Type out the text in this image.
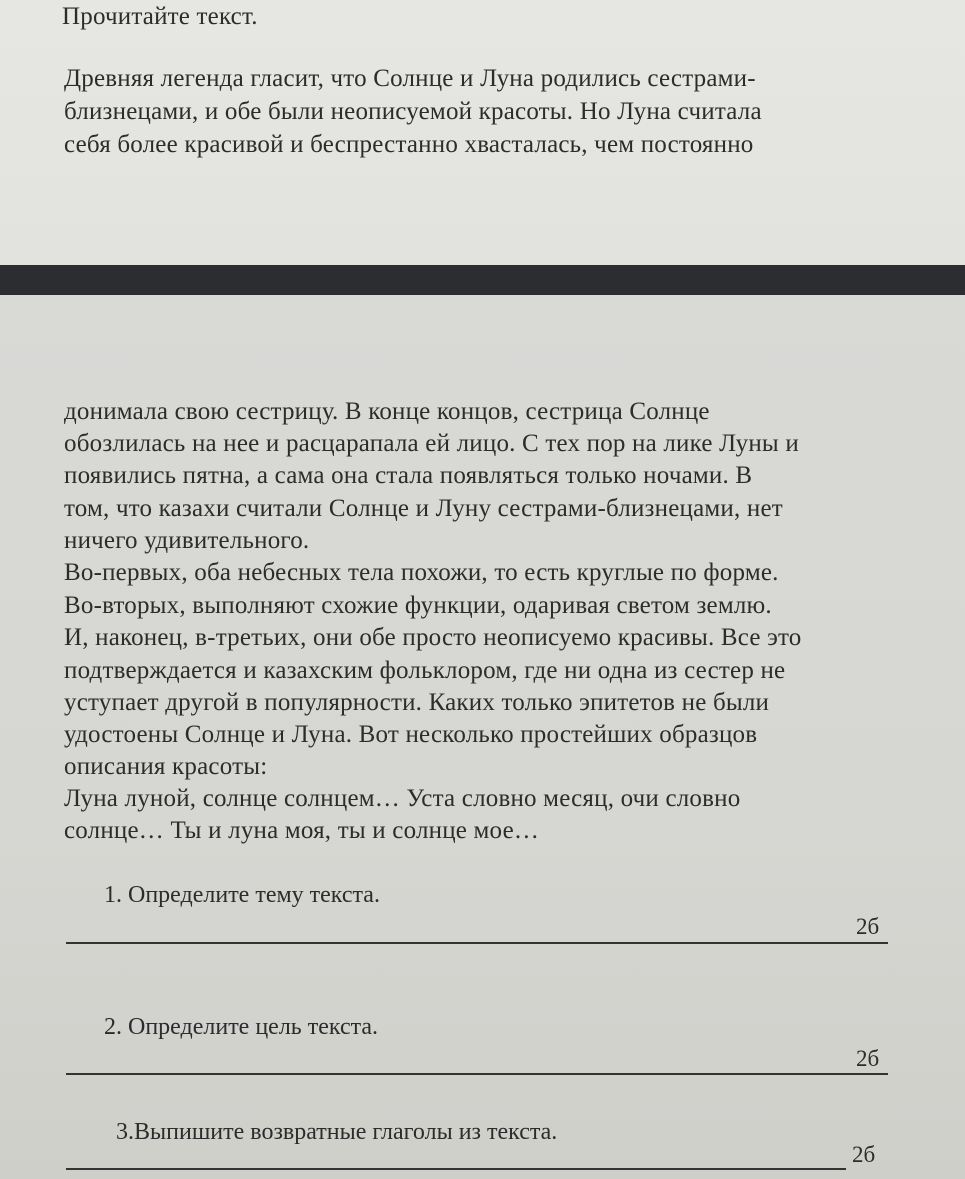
Прочитайте текст.
Древняя легенда гласит, что Солнце и Луна родились сестрами-
близнецами, и обе были неописуемой красоты. Но Луна считала
себя более красивой и беспрестанно хвасталась, чем постоянно
донимала свою сестрицу. В конце концов, сестрица Солнце
обозлилась на нее и расцарапала ей лицо. С тех пор на лике Луны и
появились пятна, а сама она стала появляться только ночами. В
том, что казахи считали Солнце и Луну сестрами-близнецами, нет
ничего удивительного.
Во-первых, оба небесных тела похожи, то есть круглые по форме.
Во-вторых, выполняют схожие функции, одаривая светом землю.
И, наконец, в-третьих, они обе просто неописуемо красивы. Все это
подтверждается и казахским фольклором, где ни одна из сестер не
уступает другой в популярности. Каких только эпитетов не были
удостоены Солнце и Луна. Вот несколько простейших образцов
описания красоты:
Луна луной, солнце солнцем… Уста словно месяц, очи словно
солнце… Ты и луна моя, ты и солнце мое…
1. Определите тему текста.
2б
2. Определите цель текста.
2б
3.Выпишите возвратные глаголы из текста.
2б
